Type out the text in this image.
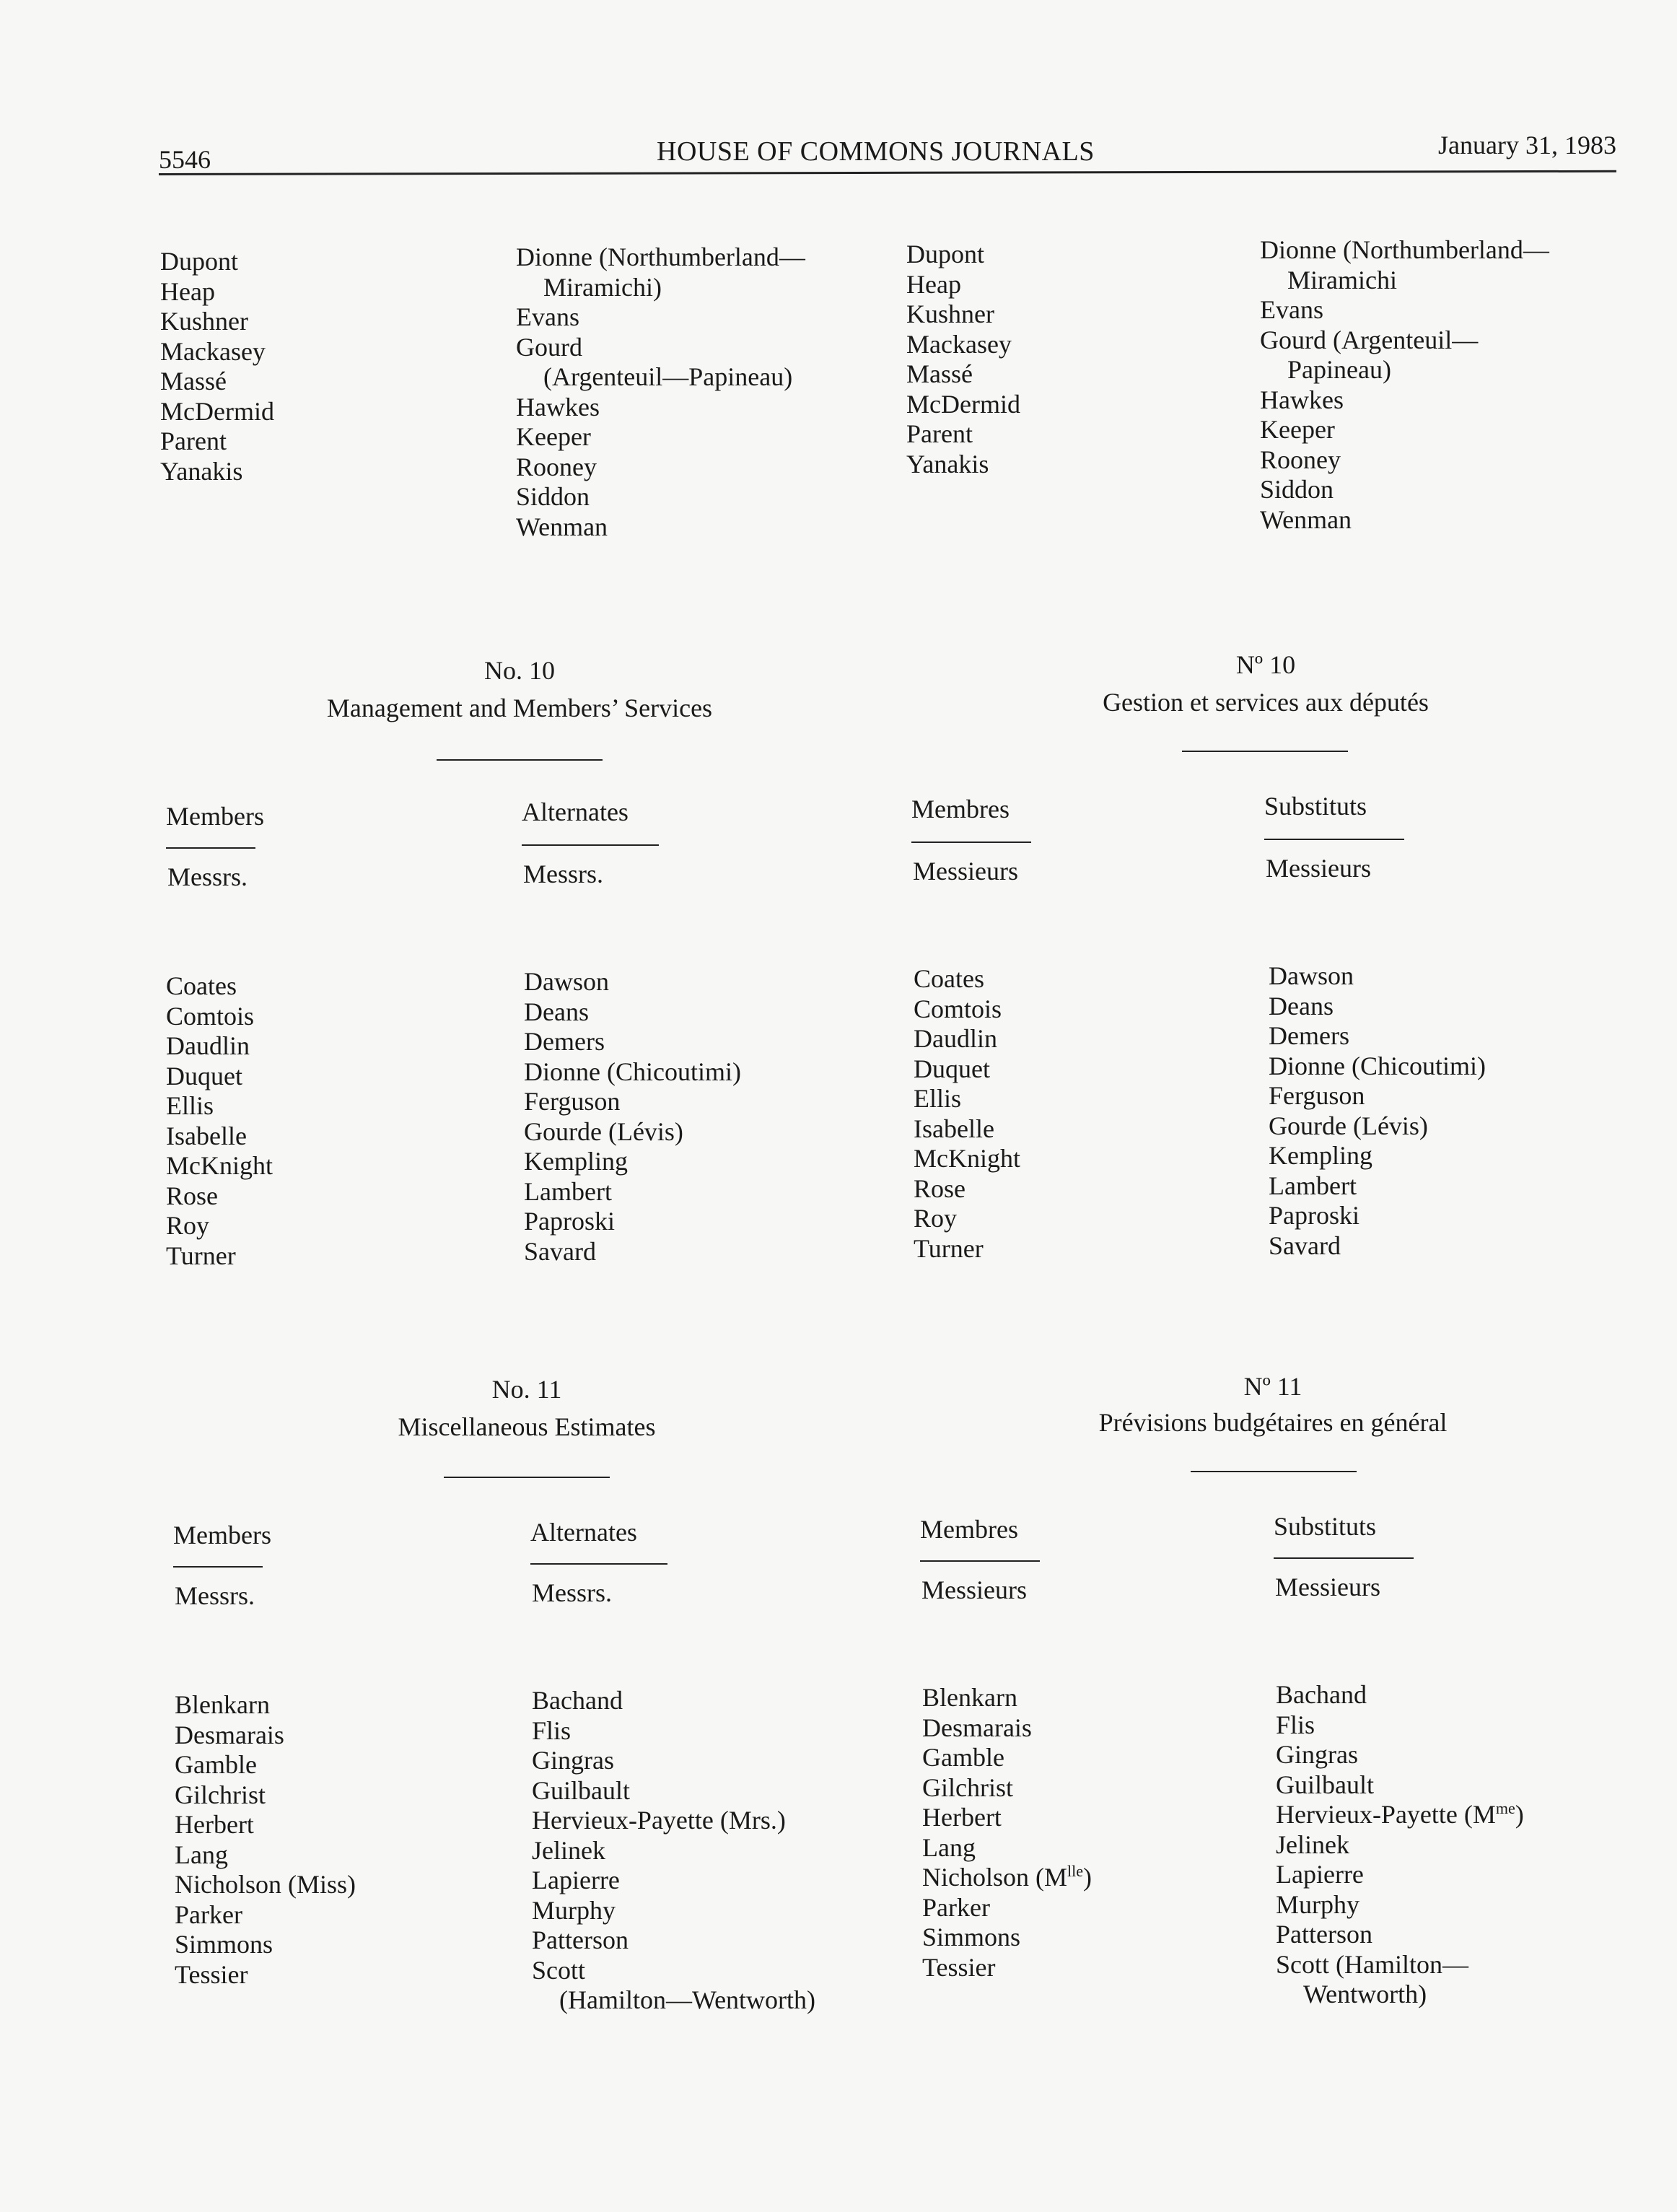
5546	HOUSE OF COMMONS JOURNALS	January 31, 1983
Dupont
Heap
Kushner
Mackasey
Massé
McDermid
Parent
Yanakis
Dionne (Northumberland—
Miramichi)
Evans
Gourd
(Argenteuil—Papineau)
Hawkes
Keeper
Rooney
Siddon
Wenman
Dupont
Heap
Kushner
Mackasey
Massé
McDermid
Parent
Yanakis
Dionne (Northumberland—
Miramichi
Evans
Gourd (Argenteuil—
Papineau)
Hawkes
Keeper
Rooney
Siddon
Wenman
No. 10
Management and Members’ Services
Nº 10
Gestion et services aux députés
Members
Messrs.
Alternates
Messrs.
Membres
Messieurs
Substituts
Messieurs
Coates
Comtois
Daudlin
Duquet
Ellis
Isabelle
McKnight
Rose
Roy
Turner
Dawson
Deans
Demers
Dionne (Chicoutimi)
Ferguson
Gourde (Lévis)
Kempling
Lambert
Paproski
Savard
Coates
Comtois
Daudlin
Duquet
Ellis
Isabelle
McKnight
Rose
Roy
Turner
Dawson
Deans
Demers
Dionne (Chicoutimi)
Ferguson
Gourde (Lévis)
Kempling
Lambert
Paproski
Savard
No. 11
Miscellaneous Estimates
Nº 11
Prévisions budgétaires en général
Members
Messrs.
Alternates
Messrs.
Membres
Messieurs
Substituts
Messieurs
Blenkarn
Desmarais
Gamble
Gilchrist
Herbert
Lang
Nicholson (Miss)
Parker
Simmons
Tessier
Bachand
Flis
Gingras
Guilbault
Hervieux-Payette (Mrs.)
Jelinek
Lapierre
Murphy
Patterson
Scott
(Hamilton—Wentworth)
Blenkarn
Desmarais
Gamble
Gilchrist
Herbert
Lang
Nicholson $(M^{lle})$
Parker
Simmons
Tessier
Bachand
Flis
Gingras
Guilbault
Hervieux-Payette $(M^{me})$
Jelinek
Lapierre
Murphy
Patterson
Scott (Hamilton—
Wentworth)
